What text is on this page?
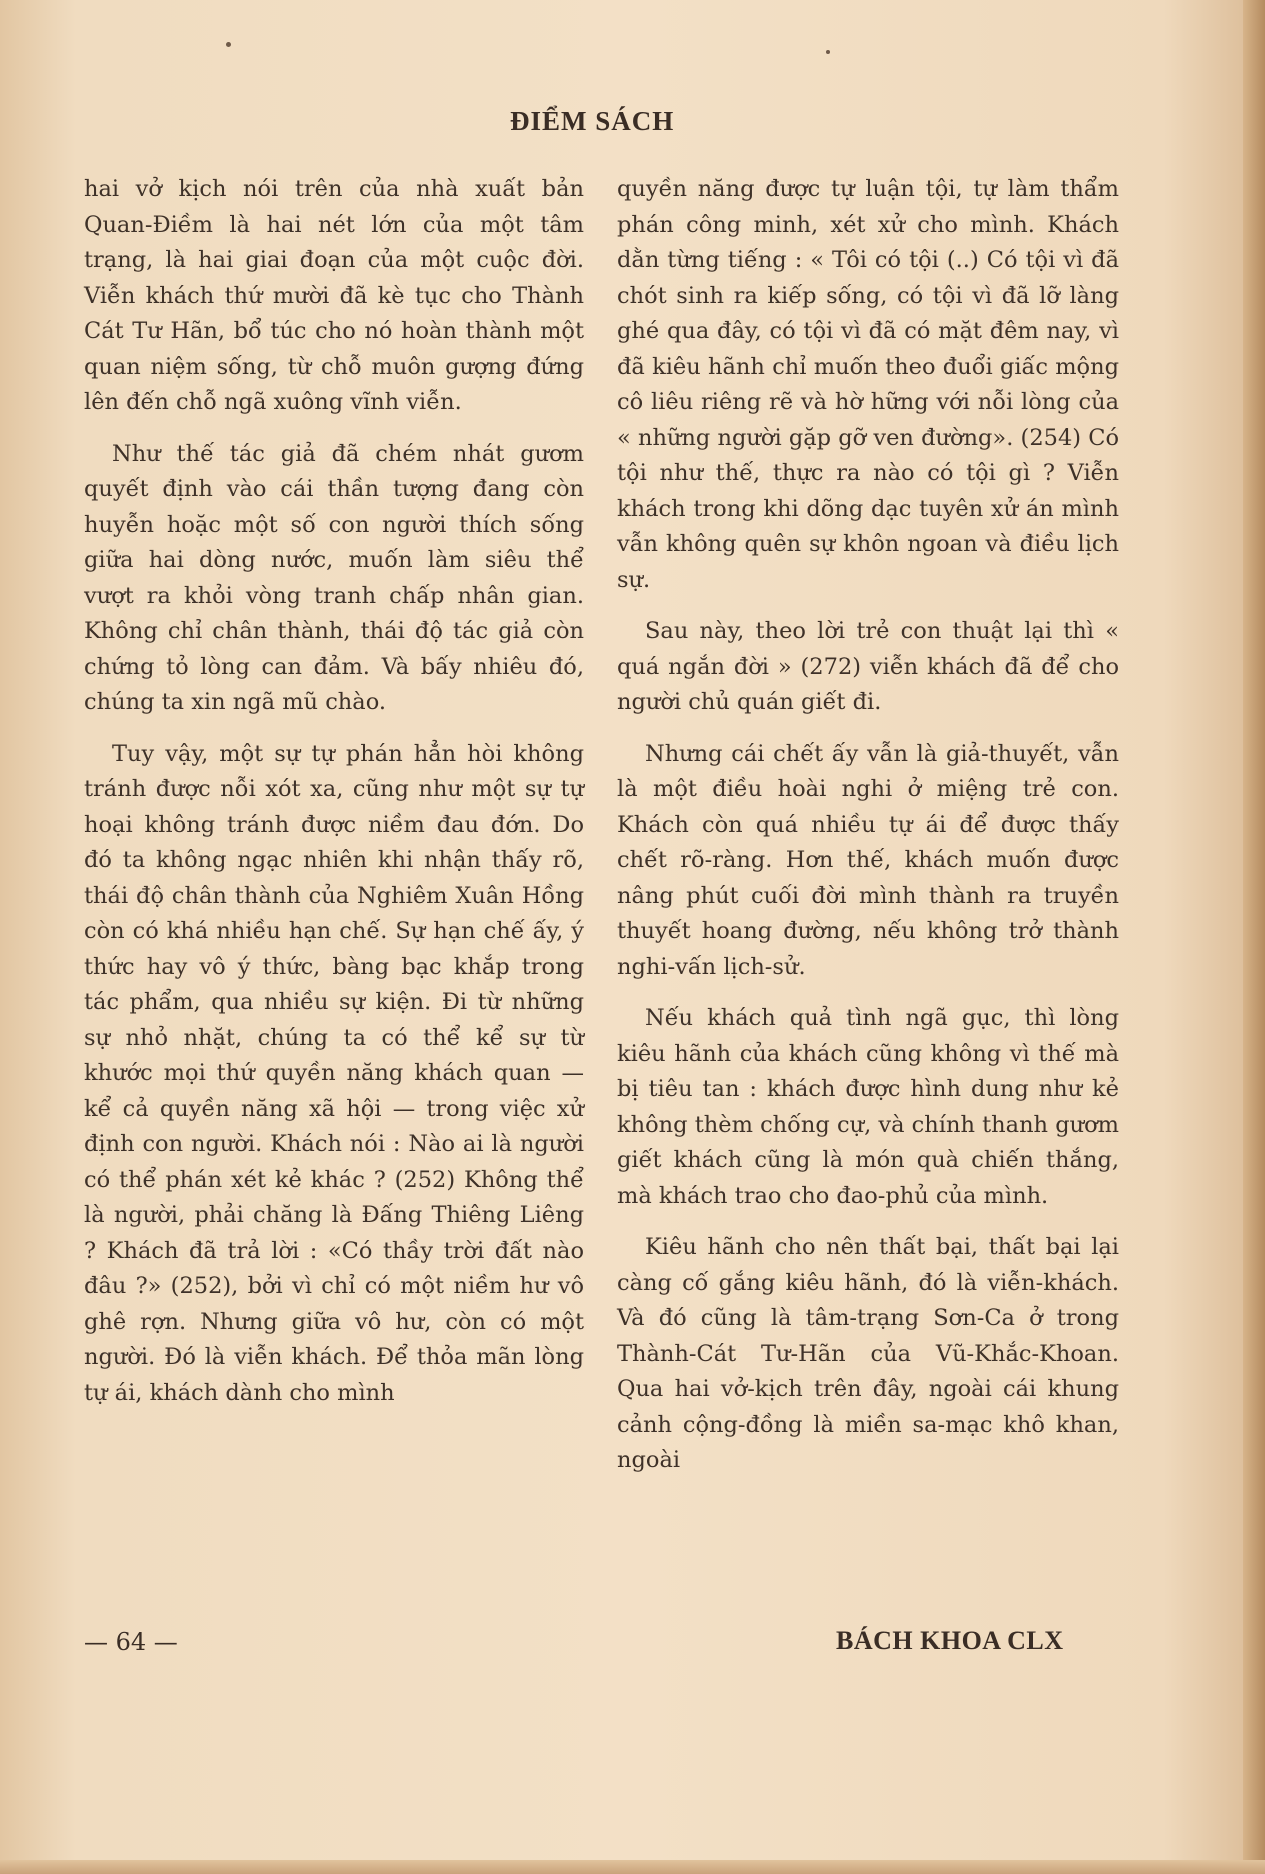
ĐIỂM SÁCH

hai vở kịch nói trên của nhà xuất bản Quan-Điềm là hai nét lớn của một tâm trạng, là hai giai đoạn của một cuộc đời. Viễn khách thứ mười đã kè tục cho Thành Cát Tư Hãn, bổ túc cho nó hoàn thành một quan niệm sống, từ chỗ muôn gượng đứng lên đến chỗ ngã xuông vĩnh viễn.

Như thế tác giả đã chém nhát gươm quyết định vào cái thần tượng đang còn huyễn hoặc một số con người thích sống giữa hai dòng nước, muốn làm siêu thể vượt ra khỏi vòng tranh chấp nhân gian. Không chỉ chân thành, thái độ tác giả còn chứng tỏ lòng can đảm. Và bấy nhiêu đó, chúng ta xin ngã mũ chào.

Tuy vậy, một sự tự phán hẳn hòi không tránh được nỗi xót xa, cũng như một sự tự hoại không tránh được niềm đau đớn. Do đó ta không ngạc nhiên khi nhận thấy rõ, thái độ chân thành của Nghiêm Xuân Hồng còn có khá nhiều hạn chế. Sự hạn chế ấy, ý thức hay vô ý thức, bàng bạc khắp trong tác phẩm, qua nhiều sự kiện. Đi từ những sự nhỏ nhặt, chúng ta có thể kể sự từ khước mọi thứ quyền năng khách quan — kể cả quyền năng xã hội — trong việc xử định con người. Khách nói : Nào ai là người có thể phán xét kẻ khác ? (252) Không thể là người, phải chăng là Đấng Thiêng Liêng ? Khách đã trả lời : «Có thầy trời đất nào đâu ?» (252), bởi vì chỉ có một niềm hư vô ghê rợn. Nhưng giữa vô hư, còn có một người. Đó là viễn khách. Để thỏa mãn lòng tự ái, khách dành cho mình

quyền năng được tự luận tội, tự làm thẩm phán công minh, xét xử cho mình. Khách dằn từng tiếng : « Tôi có tội (..) Có tội vì đã chót sinh ra kiếp sống, có tội vì đã lỡ làng ghé qua đây, có tội vì đã có mặt đêm nay, vì đã kiêu hãnh chỉ muốn theo đuổi giấc mộng cô liêu riêng rẽ và hờ hững với nỗi lòng của « những người gặp gỡ ven đường». (254) Có tội như thế, thực ra nào có tội gì ? Viễn khách trong khi dõng dạc tuyên xử án mình vẫn không quên sự khôn ngoan và điều lịch sự.

Sau này, theo lời trẻ con thuật lại thì « quá ngắn đời » (272) viễn khách đã để cho người chủ quán giết đi.

Nhưng cái chết ấy vẫn là giả-thuyết, vẫn là một điều hoài nghi ở miệng trẻ con. Khách còn quá nhiều tự ái để được thấy chết rõ-ràng. Hơn thế, khách muốn được nâng phút cuối đời mình thành ra truyền thuyết hoang đường, nếu không trở thành nghi-vấn lịch-sử.

Nếu khách quả tình ngã gục, thì lòng kiêu hãnh của khách cũng không vì thế mà bị tiêu tan : khách được hình dung như kẻ không thèm chống cự, và chính thanh gươm giết khách cũng là món quà chiến thắng, mà khách trao cho đao-phủ của mình.

Kiêu hãnh cho nên thất bại, thất bại lại càng cố gắng kiêu hãnh, đó là viễn-khách. Và đó cũng là tâm-trạng Sơn-Ca ở trong Thành-Cát Tư-Hãn của Vũ-Khắc-Khoan. Qua hai vở-kịch trên đây, ngoài cái khung cảnh cộng-đồng là miền sa-mạc khô khan, ngoài

— 64 —	BÁCH KHOA CLX
